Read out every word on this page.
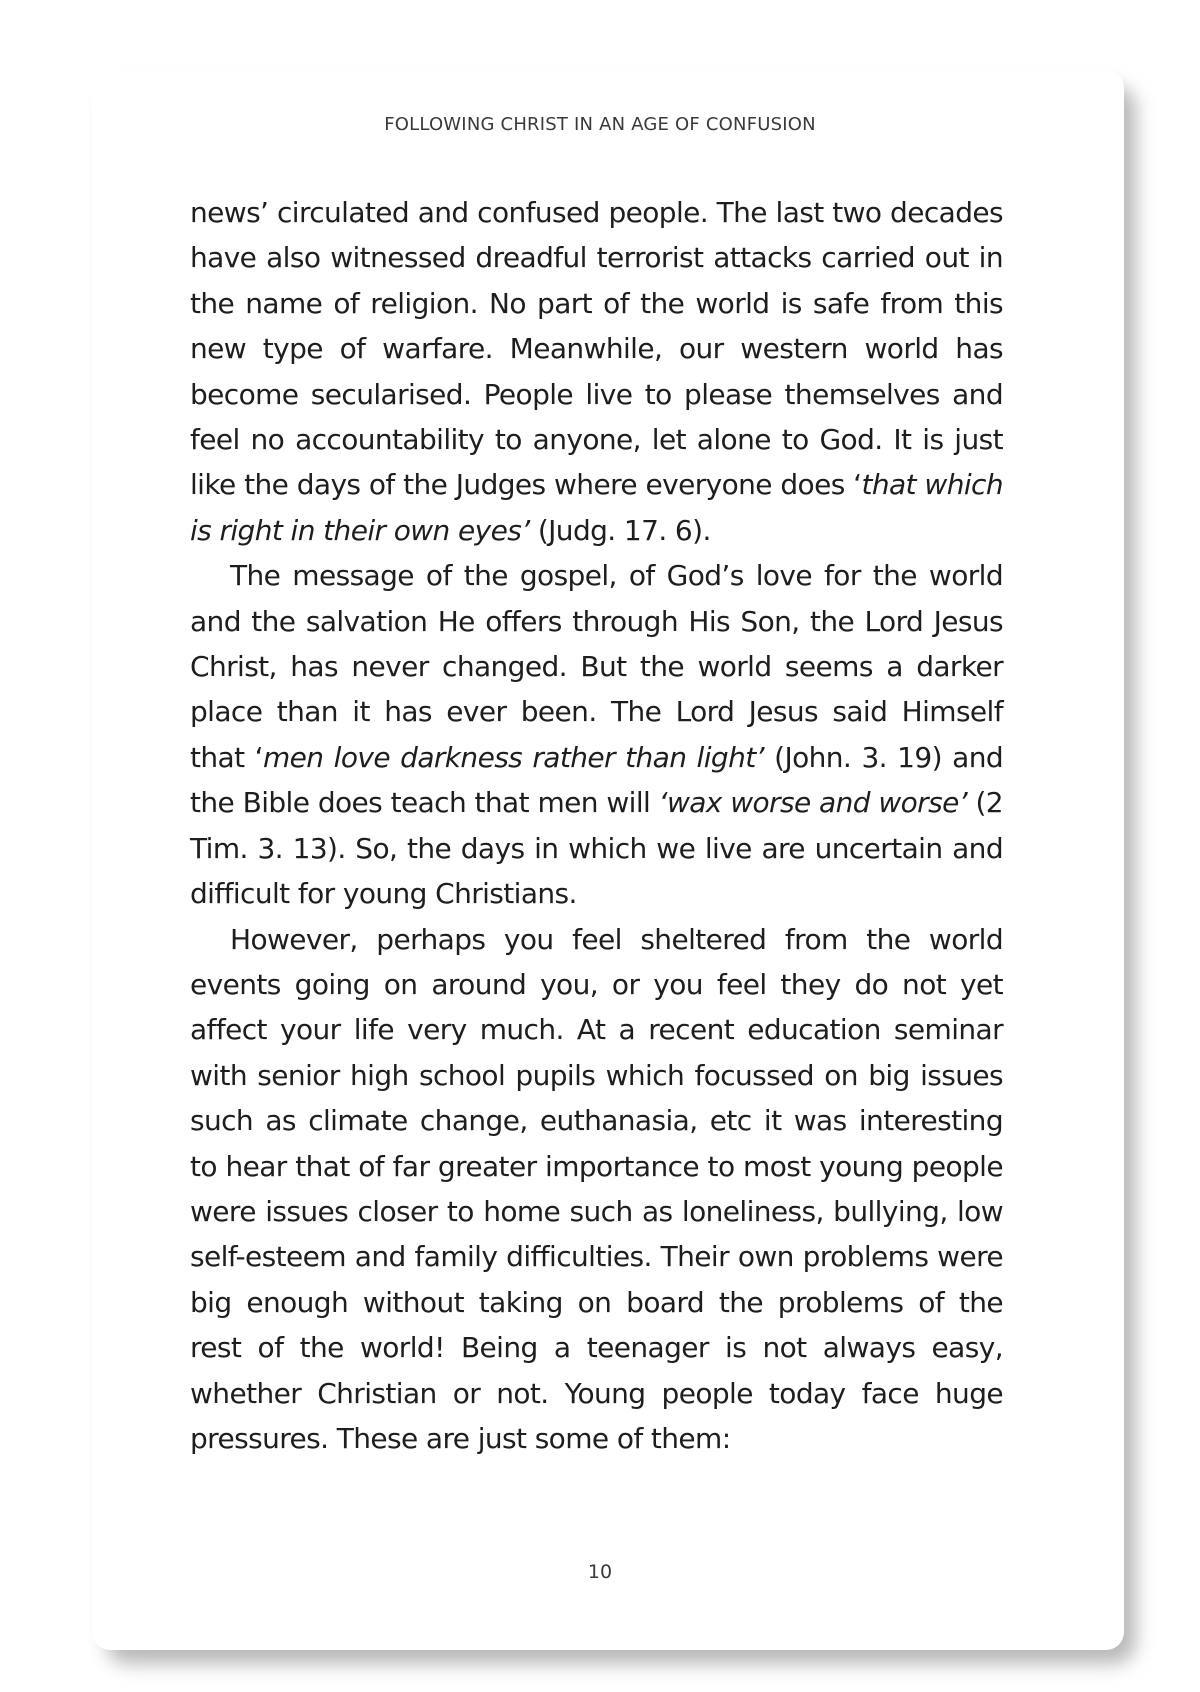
FOLLOWING CHRIST IN AN AGE OF CONFUSION

news’ circulated and confused people. The last two decades have also witnessed dreadful terrorist attacks carried out in the name of religion. No part of the world is safe from this new type of warfare. Meanwhile, our western world has become secularised. People live to please themselves and feel no accountability to anyone, let alone to God. It is just like the days of the Judges where everyone does ‘that which is right in their own eyes’ (Judg. 17. 6).

The message of the gospel, of God’s love for the world and the salvation He offers through His Son, the Lord Jesus Christ, has never changed. But the world seems a darker place than it has ever been. The Lord Jesus said Himself that ‘men love darkness rather than light’ (John. 3. 19) and the Bible does teach that men will ‘wax worse and worse’ (2 Tim. 3. 13). So, the days in which we live are uncertain and difficult for young Christians.

However, perhaps you feel sheltered from the world events going on around you, or you feel they do not yet affect your life very much. At a recent education seminar with senior high school pupils which focussed on big issues such as climate change, euthanasia, etc it was interesting to hear that of far greater importance to most young people were issues closer to home such as loneliness, bullying, low self-esteem and family difficulties. Their own problems were big enough without taking on board the problems of the rest of the world! Being a teenager is not always easy, whether Christian or not. Young people today face huge pressures. These are just some of them:

10
